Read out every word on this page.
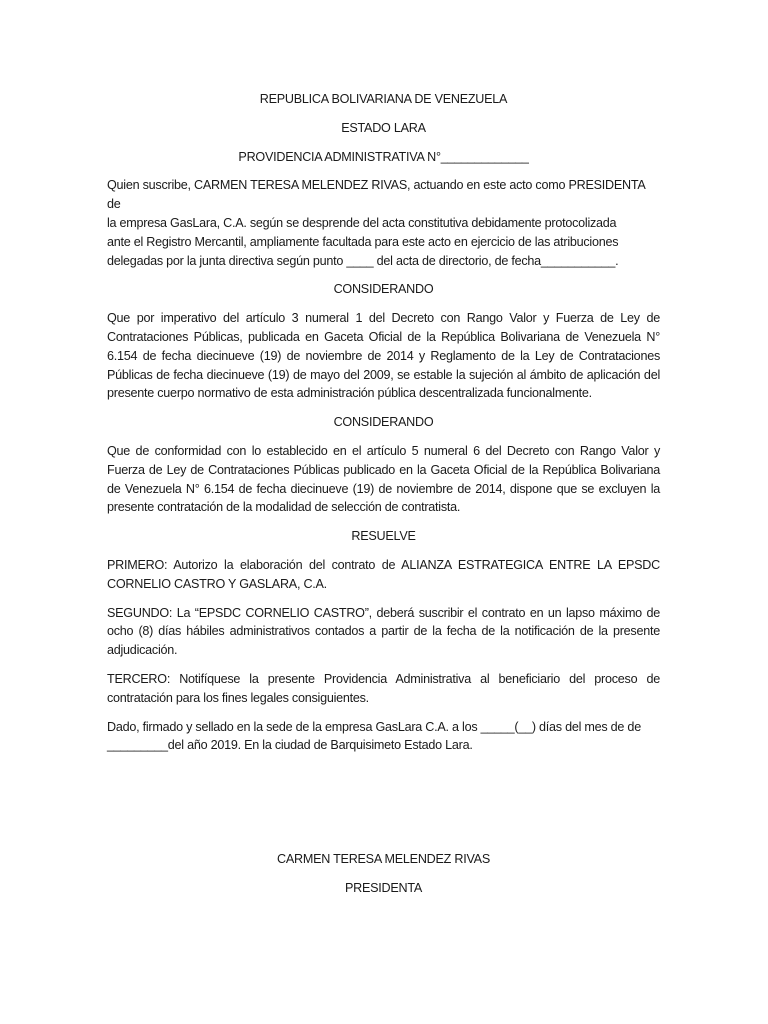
REPUBLICA BOLIVARIANA DE VENEZUELA

ESTADO LARA

PROVIDENCIA ADMINISTRATIVA N°_____________

Quien suscribe, CARMEN TERESA MELENDEZ RIVAS, actuando en este acto como PRESIDENTA de
la empresa GasLara, C.A. según se desprende del acta constitutiva debidamente protocolizada
ante el Registro Mercantil, ampliamente facultada para este acto en ejercicio de las atribuciones
delegadas por la junta directiva según punto ____ del acta de directorio, de fecha___________.

CONSIDERANDO

Que por imperativo del artículo 3 numeral 1 del Decreto con Rango Valor y Fuerza de Ley de Contrataciones Públicas, publicada en Gaceta Oficial de la República Bolivariana de Venezuela N° 6.154 de fecha diecinueve (19) de noviembre de 2014 y Reglamento de la Ley de Contrataciones Públicas de fecha diecinueve (19) de mayo del 2009, se estable la sujeción al ámbito de aplicación del presente cuerpo normativo de esta administración pública descentralizada funcionalmente.

CONSIDERANDO

Que de conformidad con lo establecido en el artículo 5 numeral 6 del Decreto con Rango Valor y Fuerza de Ley de Contrataciones Públicas publicado en la Gaceta Oficial de la República Bolivariana de Venezuela N° 6.154 de fecha diecinueve (19) de noviembre de 2014, dispone que se excluyen la presente contratación de la modalidad de selección de contratista.

RESUELVE

PRIMERO: Autorizo la elaboración del contrato de ALIANZA ESTRATEGICA ENTRE LA EPSDC CORNELIO CASTRO Y GASLARA, C.A.

SEGUNDO: La “EPSDC CORNELIO CASTRO”, deberá suscribir el contrato en un lapso máximo de ocho (8) días hábiles administrativos contados a partir de la fecha de la notificación de la presente adjudicación.

TERCERO: Notifíquese la presente Providencia Administrativa al beneficiario del proceso de contratación para los fines legales consiguientes.

Dado, firmado y sellado en la sede de la empresa GasLara C.A. a los _____(__) días del mes de de
_________del año 2019. En la ciudad de Barquisimeto Estado Lara.

CARMEN TERESA MELENDEZ RIVAS

PRESIDENTA
